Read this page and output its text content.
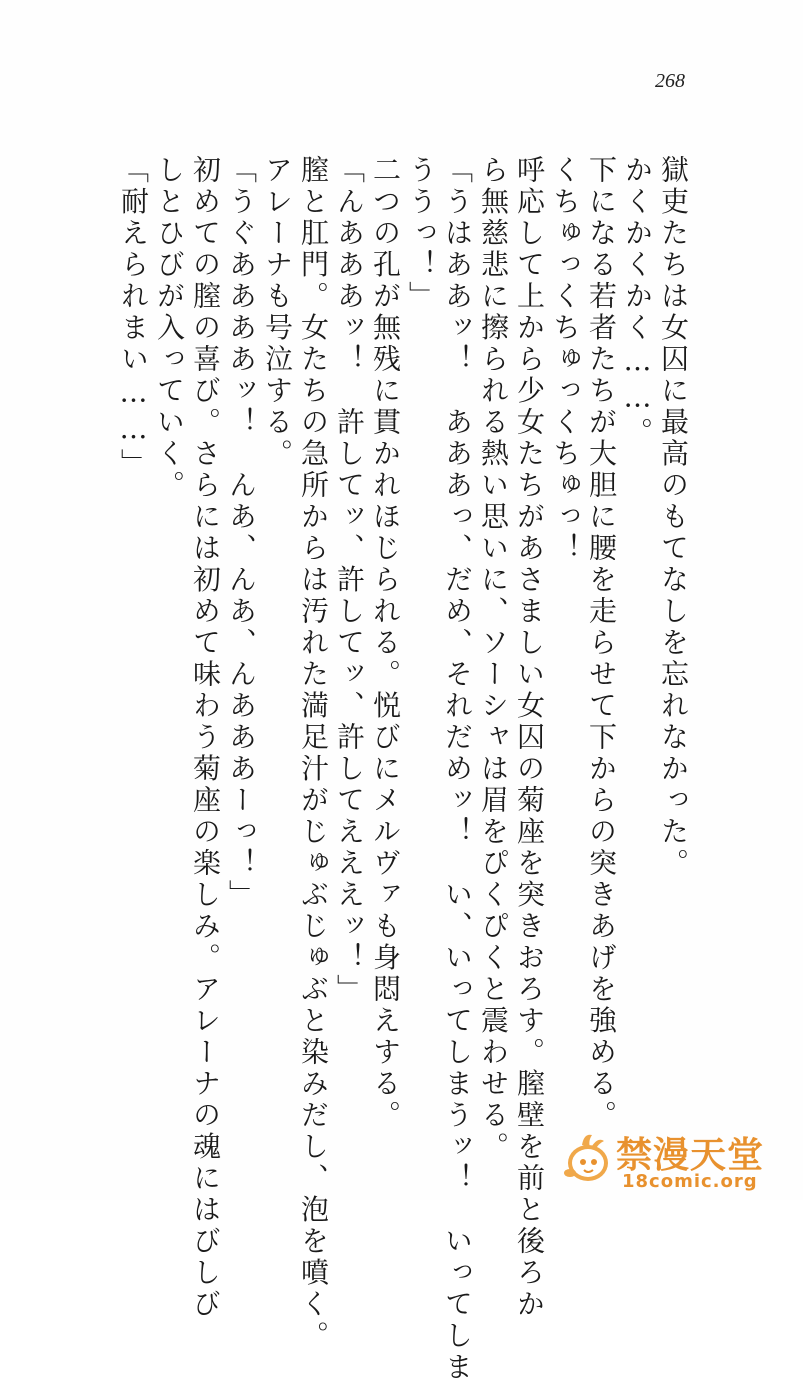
268
獄吏たちは女囚に最高のもてなしを忘れなかった。
かくかくかく……。
下になる若者たちが大胆に腰を走らせて下からの突きあげを強める。
くちゅっくちゅっくちゅっ！
呼応して上から少女たちがあさましい女囚の菊座を突きおろす。膣壁を前と後ろか
ら無慈悲に擦られる熱い思いに、ソーシャは眉をぴくぴくと震わせる。
「うはああッ！　あああっ、だめ、それだめッ！　い、いってしまうッ！　いってしま
ううっ！」
二つの孔が無残に貫かれほじられる。悦びにメルヴァも身悶えする。
「んあああッ！　許してッ、許してッ、許してえええッ！」
膣と肛門。女たちの急所からは汚れた満足汁がじゅぶじゅぶと染みだし、泡を噴く。
アレーナも号泣する。
「うぐああああッ！　んあ、んあ、んあああーっ！」
初めての膣の喜び。さらには初めて味わう菊座の楽しみ。アレーナの魂にはびしび
しとひびが入っていく。
「耐えられまい……」
禁漫天堂
18comic.org
